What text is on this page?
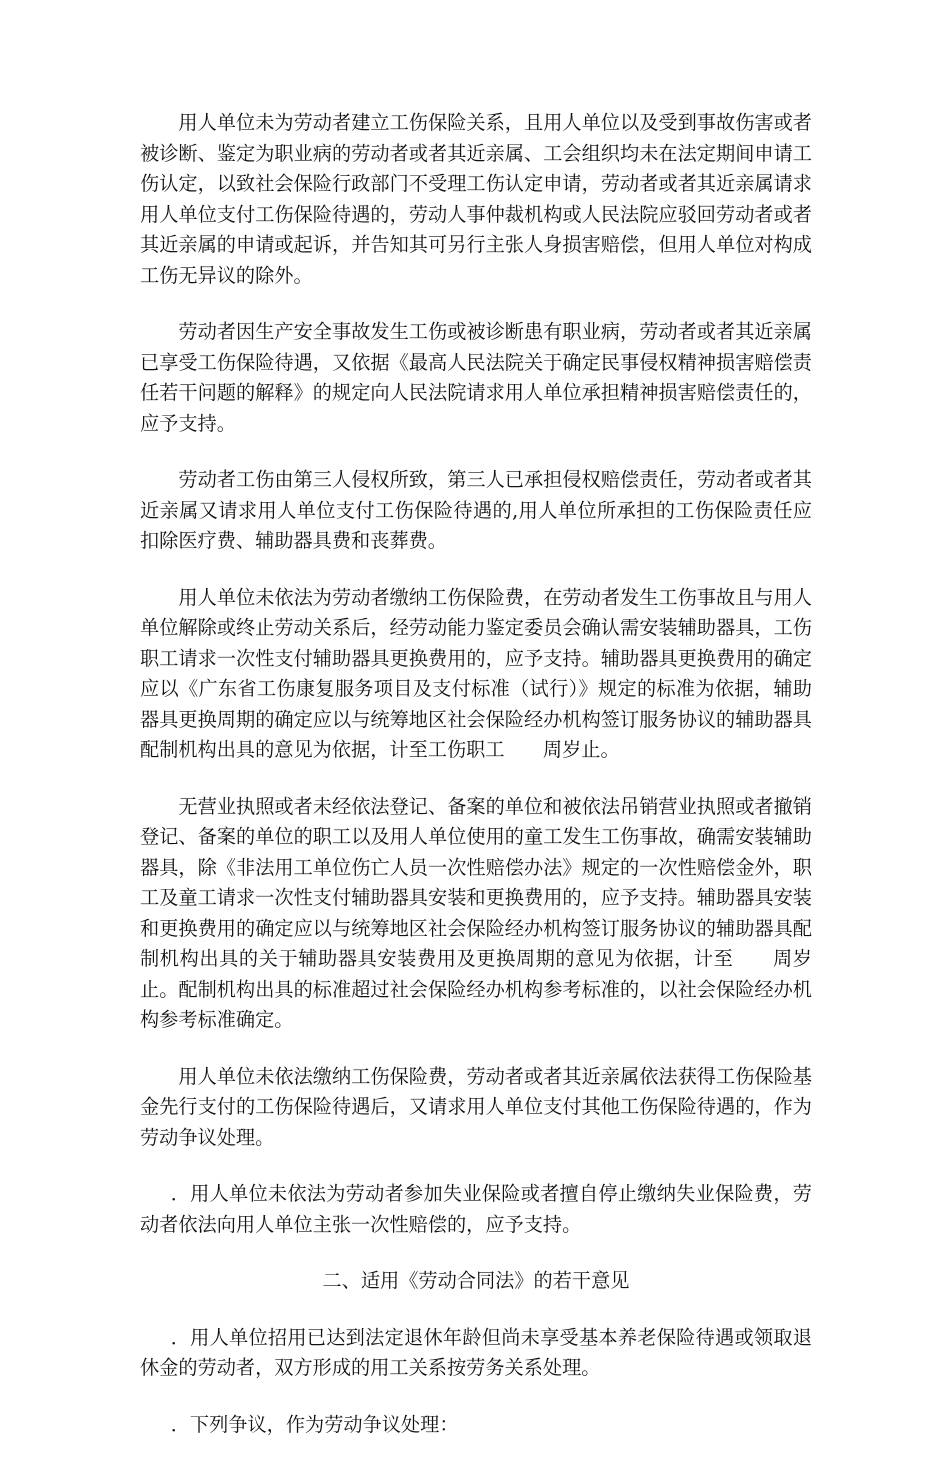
用人单位未为劳动者建立工伤保险关系，且用人单位以及受到事故伤害或者被诊断、鉴定为职业病的劳动者或者其近亲属、工会组织均未在法定期间申请工伤认定，以致社会保险行政部门不受理工伤认定申请，劳动者或者其近亲属请求用人单位支付工伤保险待遇的，劳动人事仲裁机构或人民法院应驳回劳动者或者其近亲属的申请或起诉，并告知其可另行主张人身损害赔偿，但用人单位对构成工伤无异议的除外。

劳动者因生产安全事故发生工伤或被诊断患有职业病，劳动者或者其近亲属已享受工伤保险待遇，又依据《最高人民法院关于确定民事侵权精神损害赔偿责任若干问题的解释》的规定向人民法院请求用人单位承担精神损害赔偿责任的，应予支持。

劳动者工伤由第三人侵权所致，第三人已承担侵权赔偿责任，劳动者或者其近亲属又请求用人单位支付工伤保险待遇的,用人单位所承担的工伤保险责任应扣除医疗费、辅助器具费和丧葬费。

用人单位未依法为劳动者缴纳工伤保险费，在劳动者发生工伤事故且与用人单位解除或终止劳动关系后，经劳动能力鉴定委员会确认需安装辅助器具，工伤职工请求一次性支付辅助器具更换费用的，应予支持。辅助器具更换费用的确定应以《广东省工伤康复服务项目及支付标准（试行）》规定的标准为依据，辅助器具更换周期的确定应以与统筹地区社会保险经办机构签订服务协议的辅助器具配制机构出具的意见为依据，计至工伤职工　　周岁止。

无营业执照或者未经依法登记、备案的单位和被依法吊销营业执照或者撤销登记、备案的单位的职工以及用人单位使用的童工发生工伤事故，确需安装辅助器具，除《非法用工单位伤亡人员一次性赔偿办法》规定的一次性赔偿金外，职工及童工请求一次性支付辅助器具安装和更换费用的，应予支持。辅助器具安装和更换费用的确定应以与统筹地区社会保险经办机构签订服务协议的辅助器具配制机构出具的关于辅助器具安装费用及更换周期的意见为依据，计至　　周岁止。配制机构出具的标准超过社会保险经办机构参考标准的，以社会保险经办机构参考标准确定。

用人单位未依法缴纳工伤保险费，劳动者或者其近亲属依法获得工伤保险基金先行支付的工伤保险待遇后，又请求用人单位支付其他工伤保险待遇的，作为劳动争议处理。

．用人单位未依法为劳动者参加失业保险或者擅自停止缴纳失业保险费，劳动者依法向用人单位主张一次性赔偿的，应予支持。

二、适用《劳动合同法》的若干意见

．用人单位招用已达到法定退休年龄但尚未享受基本养老保险待遇或领取退休金的劳动者，双方形成的用工关系按劳务关系处理。

．下列争议，作为劳动争议处理：
